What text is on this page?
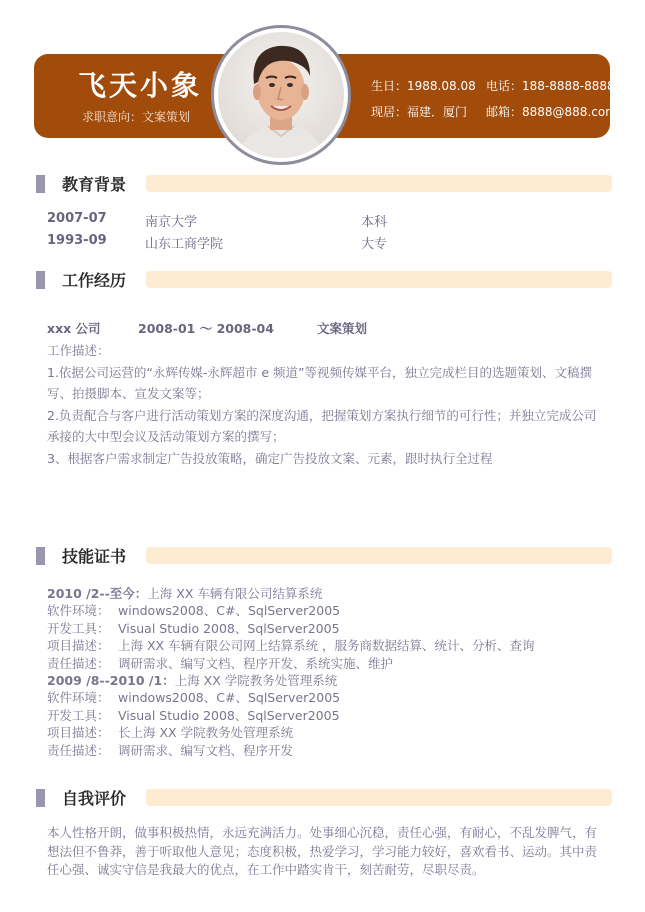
飞天小象
求职意向：文案策划
生日：1988.08.08 电话：188-8888-8888
现居：福建．厦门 邮箱：8888@888.com
教育背景
2007-07	南京大学	本科
1993-09	山东工商学院	大专
工作经历
xxx 公司	2008-01 ～ 2008-04	文案策划

工作描述：

1.依据公司运营的“永辉传媒-永辉超市 e 频道”等视频传媒平台，独立完成栏目的选题策划、文稿撰写、拍摄脚本、宣发文案等；

2.负责配合与客户进行活动策划方案的深度沟通，把握策划方案执行细节的可行性；并独立完成公司承接的大中型会议及活动策划方案的撰写；

3、根据客户需求制定广告投放策略，确定广告投放文案、元素，跟时执行全过程

技能证书

2010 /2--至今：上海 XX 车辆有限公司结算系统

软件环境： windows2008、C#、SqlServer2005

开发工具： Visual Studio 2008、SqlServer2005

项目描述： 上海 XX 车辆有限公司网上结算系统 ，服务商数据结算、统计、分析、查询

责任描述： 调研需求、编写文档、程序开发、系统实施、维护

2009 /8--2010 /1：上海 XX 学院教务处管理系统

软件环境： windows2008、C#、SqlServer2005

开发工具： Visual Studio 2008、SqlServer2005

项目描述： 长上海 XX 学院教务处管理系统

责任描述： 调研需求、编写文档、程序开发

自我评价
本人性格开朗，做事积极热情，永远充满活力。处事细心沉稳，责任心强，有耐心，不乱发脾气，有想法但不鲁莽，善于听取他人意见；态度积极，热爱学习，学习能力较好，喜欢看书、运动。其中责任心强、诚实守信是我最大的优点，在工作中踏实肯干，刻苦耐劳，尽职尽责。
